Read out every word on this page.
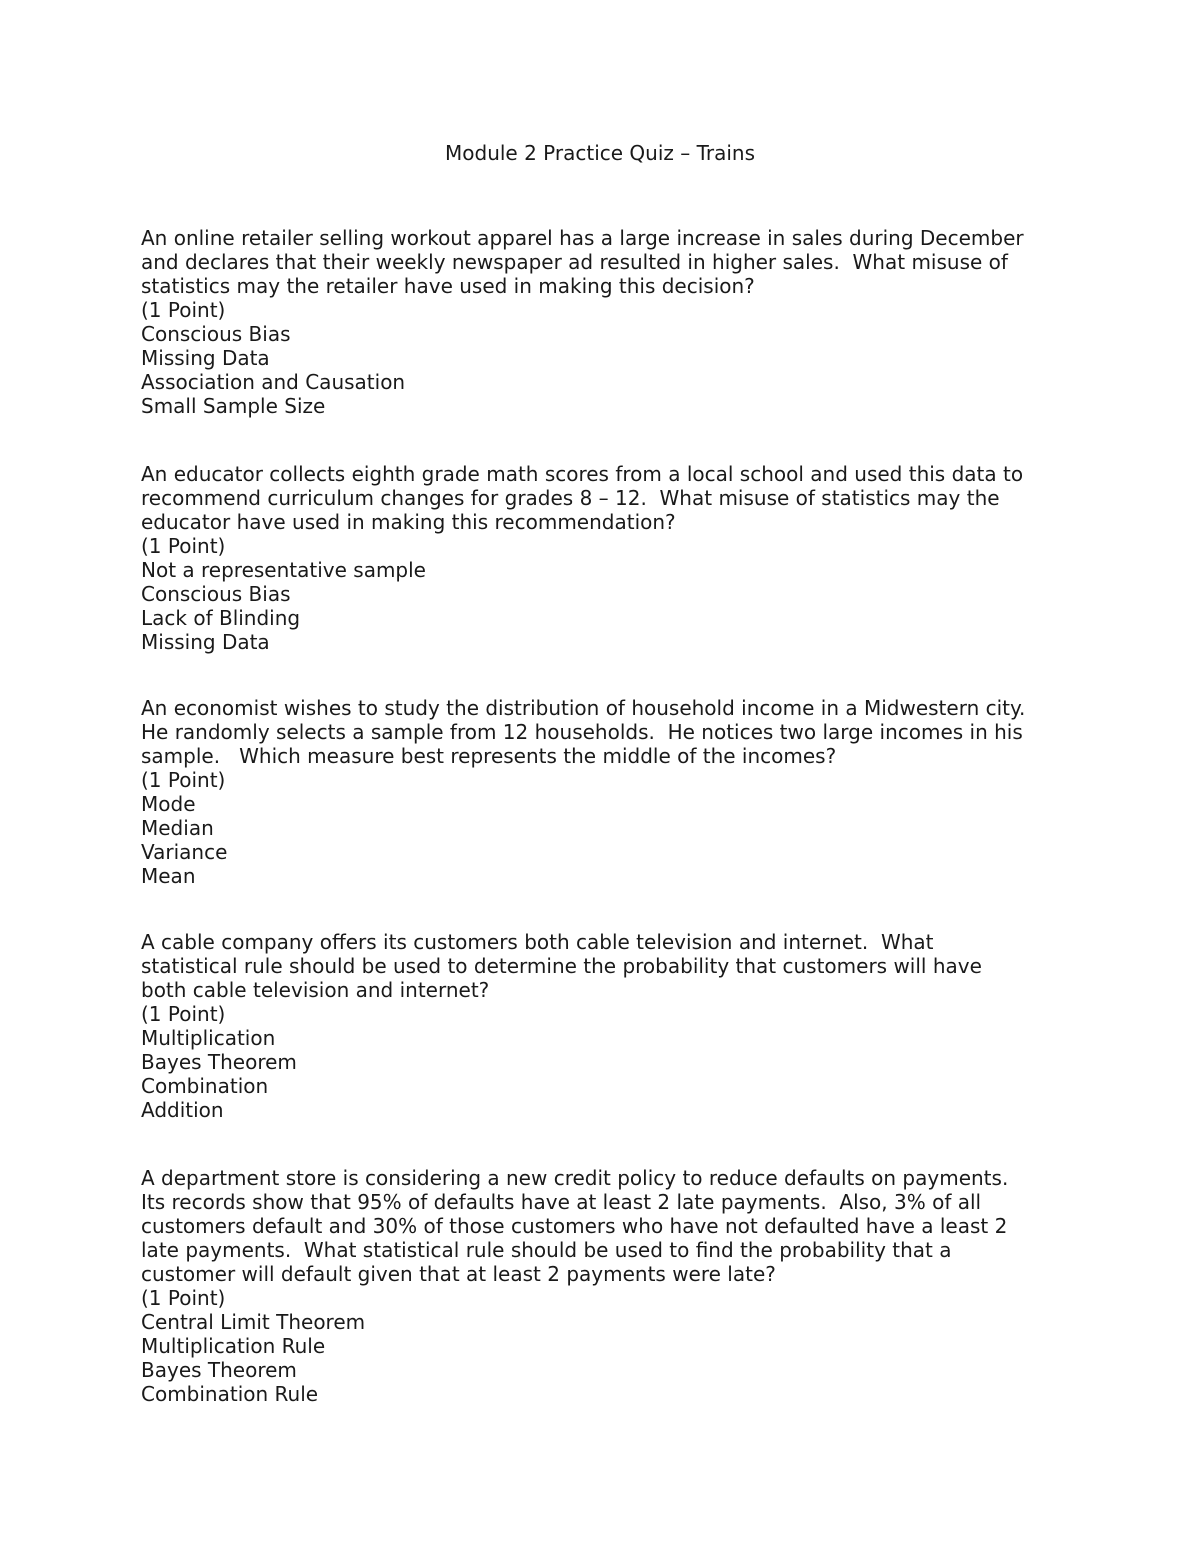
Module 2 Practice Quiz – Trains
An online retailer selling workout apparel has a large increase in sales during December
and declares that their weekly newspaper ad resulted in higher sales.  What misuse of
statistics may the retailer have used in making this decision?
(1 Point)
Conscious Bias
Missing Data
Association and Causation
Small Sample Size
An educator collects eighth grade math scores from a local school and used this data to
recommend curriculum changes for grades 8 – 12.  What misuse of statistics may the
educator have used in making this recommendation?
(1 Point)
Not a representative sample
Conscious Bias
Lack of Blinding
Missing Data
An economist wishes to study the distribution of household income in a Midwestern city.
He randomly selects a sample from 12 households.  He notices two large incomes in his
sample.   Which measure best represents the middle of the incomes?
(1 Point)
Mode
Median
Variance
Mean
A cable company offers its customers both cable television and internet.  What
statistical rule should be used to determine the probability that customers will have
both cable television and internet?
(1 Point)
Multiplication
Bayes Theorem
Combination
Addition
A department store is considering a new credit policy to reduce defaults on payments.
Its records show that 95% of defaults have at least 2 late payments.  Also, 3% of all
customers default and 30% of those customers who have not defaulted have a least 2
late payments.  What statistical rule should be used to find the probability that a
customer will default given that at least 2 payments were late?
(1 Point)
Central Limit Theorem
Multiplication Rule
Bayes Theorem
Combination Rule
